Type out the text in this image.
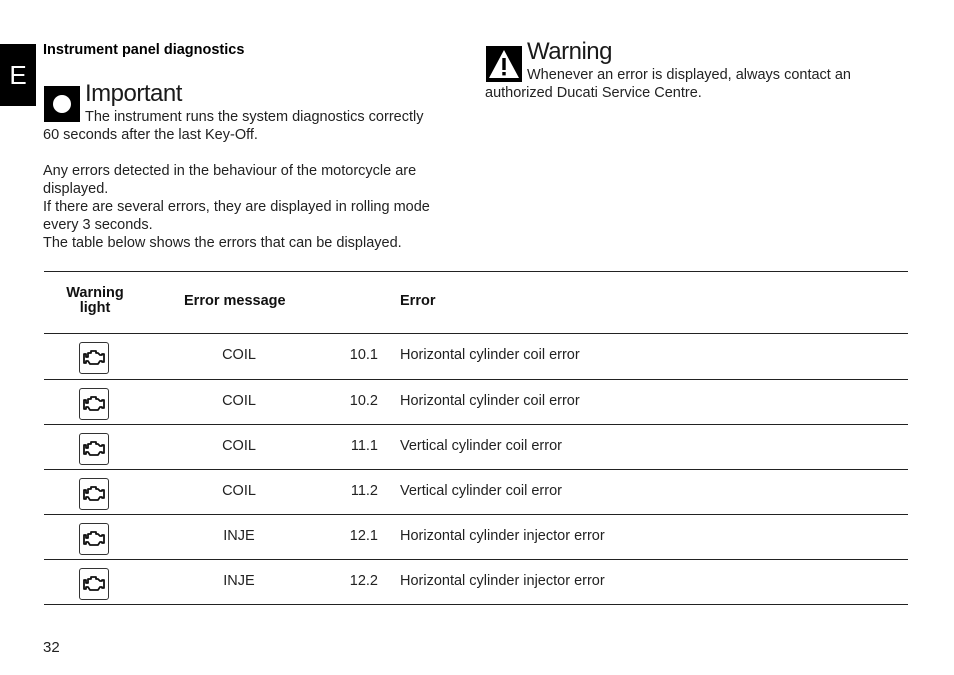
E
Instrument panel diagnostics
Important
The instrument runs the system diagnostics correctly
60 seconds after the last Key-Off.
Any errors detected in the behaviour of the motorcycle are
displayed.
If there are several errors, they are displayed in rolling mode
every 3 seconds.
The table below shows the errors that can be displayed.
Warning
Whenever an error is displayed, always contact an
authorized Ducati Service Centre.
Warning
light	Error message	Error
COIL	10.1 Horizontal cylinder coil error
COIL	10.2 Horizontal cylinder coil error
COIL	11.1 Vertical cylinder coil error
COIL	11.2 Vertical cylinder coil error
INJE	12.1 Horizontal cylinder injector error
INJE	12.2 Horizontal cylinder injector error
32
